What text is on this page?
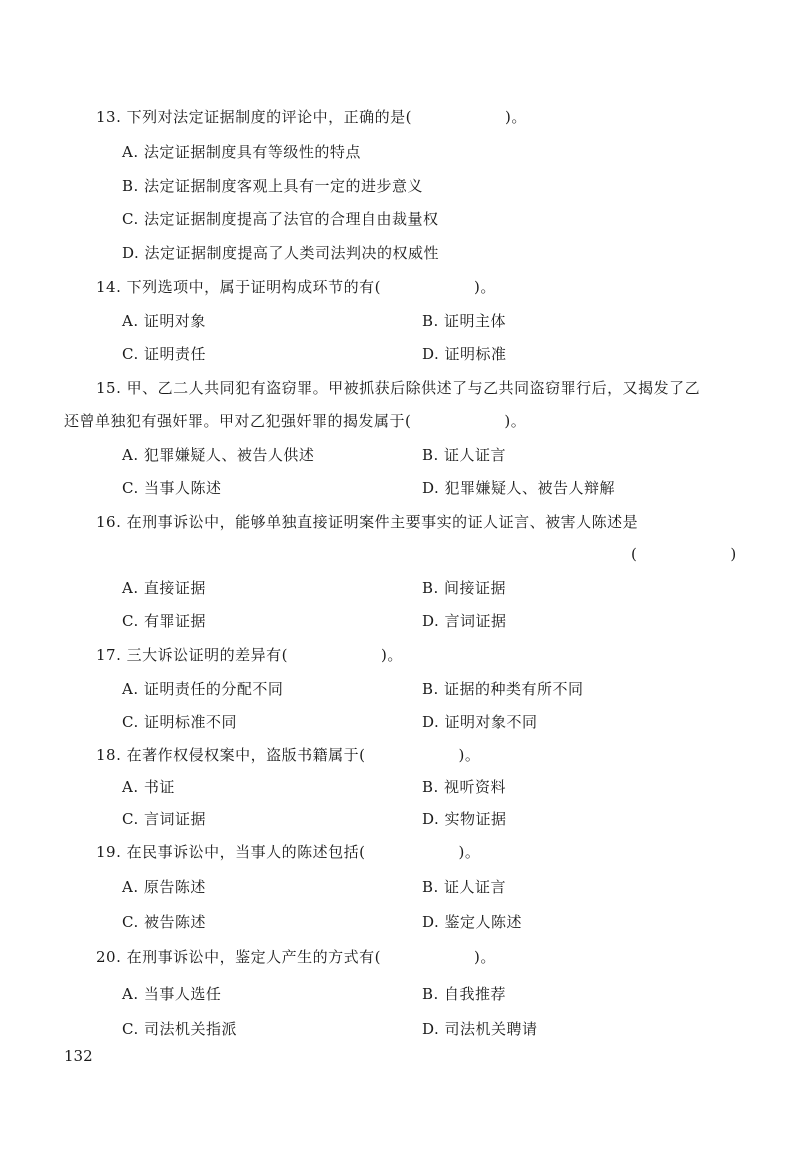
13. 下列对法定证据制度的评论中，正确的是(　　　　　　)。
A. 法定证据制度具有等级性的特点
B. 法定证据制度客观上具有一定的进步意义
C. 法定证据制度提高了法官的合理自由裁量权
D. 法定证据制度提高了人类司法判决的权威性
14. 下列选项中，属于证明构成环节的有(　　　　　　)。
A. 证明对象	B. 证明主体
C. 证明责任	D. 证明标准
15. 甲、乙二人共同犯有盗窃罪。甲被抓获后除供述了与乙共同盗窃罪行后，又揭发了乙
还曾单独犯有强奸罪。甲对乙犯强奸罪的揭发属于(　　　　　　)。
A. 犯罪嫌疑人、被告人供述	B. 证人证言
C. 当事人陈述	D. 犯罪嫌疑人、被告人辩解
16. 在刑事诉讼中，能够单独直接证明案件主要事实的证人证言、被害人陈述是
(　　　　　　)
A. 直接证据	B. 间接证据
C. 有罪证据	D. 言词证据
17. 三大诉讼证明的差异有(　　　　　　)。
A. 证明责任的分配不同	B. 证据的种类有所不同
C. 证明标准不同	D. 证明对象不同
18. 在著作权侵权案中，盗版书籍属于(　　　　　　)。
A. 书证	B. 视听资料
C. 言词证据	D. 实物证据
19. 在民事诉讼中，当事人的陈述包括(　　　　　　)。
A. 原告陈述	B. 证人证言
C. 被告陈述	D. 鉴定人陈述
20. 在刑事诉讼中，鉴定人产生的方式有(　　　　　　)。
A. 当事人选任	B. 自我推荐
C. 司法机关指派	D. 司法机关聘请
132
